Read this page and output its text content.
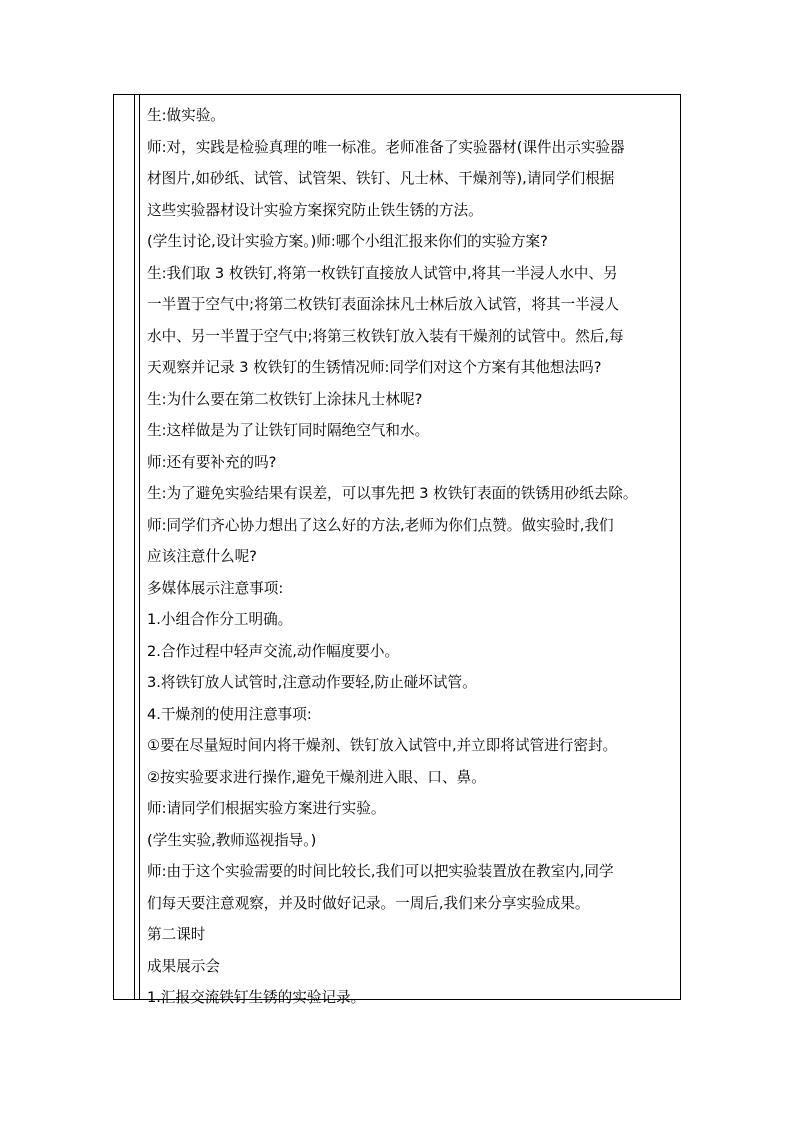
生:做实验。
师:对，实践是检验真理的唯一标准。老师准备了实验器材(课件出示实验器
材图片,如砂纸、试管、试管架、铁钉、凡士林、干燥剂等),请同学们根据
这些实验器材设计实验方案探究防止铁生锈的方法。
(学生讨论,设计实验方案。)师:哪个小组汇报来你们的实验方案?
生:我们取 3 枚铁钉,将第一枚铁钉直接放人试管中,将其一半浸人水中、另
一半置于空气中;将第二枚铁钉表面涂抹凡士林后放入试管，将其一半浸人
水中、另一半置于空气中;将第三枚铁钉放入装有干燥剂的试管中。然后,每
天观察并记录 3 枚铁钉的生锈情况师:同学们对这个方案有其他想法吗?
生:为什么要在第二枚铁钉上涂抹凡士林呢?
生:这样做是为了让铁钉同时隔绝空气和水。
师:还有要补充的吗?
生:为了避免实验结果有误差，可以事先把 3 枚铁钉表面的铁锈用砂纸去除。
师:同学们齐心协力想出了这么好的方法,老师为你们点赞。做实验时,我们
应该注意什么呢?
多媒体展示注意事项:
1.小组合作分工明确。
2.合作过程中轻声交流,动作幅度要小。
3.将铁钉放人试管时,注意动作要轻,防止碰坏试管。
4.干燥剂的使用注意事项:
①要在尽量短时间内将干燥剂、铁钉放入试管中,并立即将试管进行密封。
②按实验要求进行操作,避免干燥剂进入眼、口、鼻。
师:请同学们根据实验方案进行实验。
(学生实验,教师巡视指导。)
师:由于这个实验需要的时间比较长,我们可以把实验装置放在教室内,同学
们每天要注意观察，并及时做好记录。一周后,我们来分享实验成果。
第二课时
成果展示会
1.汇报交流铁钉生锈的实验记录。
